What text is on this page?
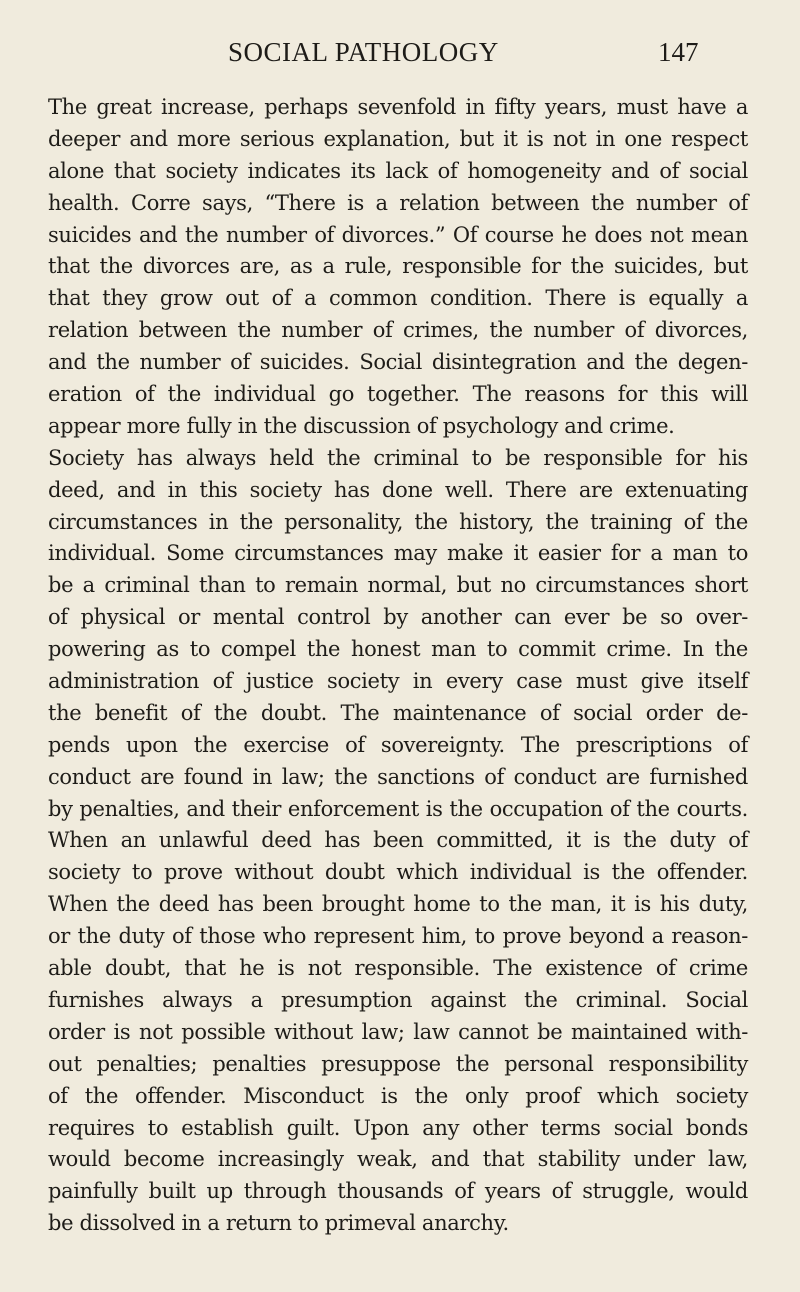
SOCIAL PATHOLOGY	147
The great increase, perhaps sevenfold in fifty years, must have a
deeper and more serious explanation, but it is not in one respect
alone that society indicates its lack of homogeneity and of social
health. Corre says, “There is a relation between the number of
suicides and the number of divorces.” Of course he does not mean
that the divorces are, as a rule, responsible for the suicides, but
that they grow out of a common condition. There is equally a
relation between the number of crimes, the number of divorces,
and the number of suicides. Social disintegration and the degen-
eration of the individual go together. The reasons for this will
appear more fully in the discussion of psychology and crime.
Society has always held the criminal to be responsible for his
deed, and in this society has done well. There are extenuating
circumstances in the personality, the history, the training of the
individual. Some circumstances may make it easier for a man to
be a criminal than to remain normal, but no circumstances short
of physical or mental control by another can ever be so over-
powering as to compel the honest man to commit crime. In the
administration of justice society in every case must give itself
the benefit of the doubt. The maintenance of social order de-
pends upon the exercise of sovereignty. The prescriptions of
conduct are found in law; the sanctions of conduct are furnished
by penalties, and their enforcement is the occupation of the courts.
When an unlawful deed has been committed, it is the duty of
society to prove without doubt which individual is the offender.
When the deed has been brought home to the man, it is his duty,
or the duty of those who represent him, to prove beyond a reason-
able doubt, that he is not responsible. The existence of crime
furnishes always a presumption against the criminal. Social
order is not possible without law; law cannot be maintained with-
out penalties; penalties presuppose the personal responsibility
of the offender. Misconduct is the only proof which society
requires to establish guilt. Upon any other terms social bonds
would become increasingly weak, and that stability under law,
painfully built up through thousands of years of struggle, would
be dissolved in a return to primeval anarchy.
